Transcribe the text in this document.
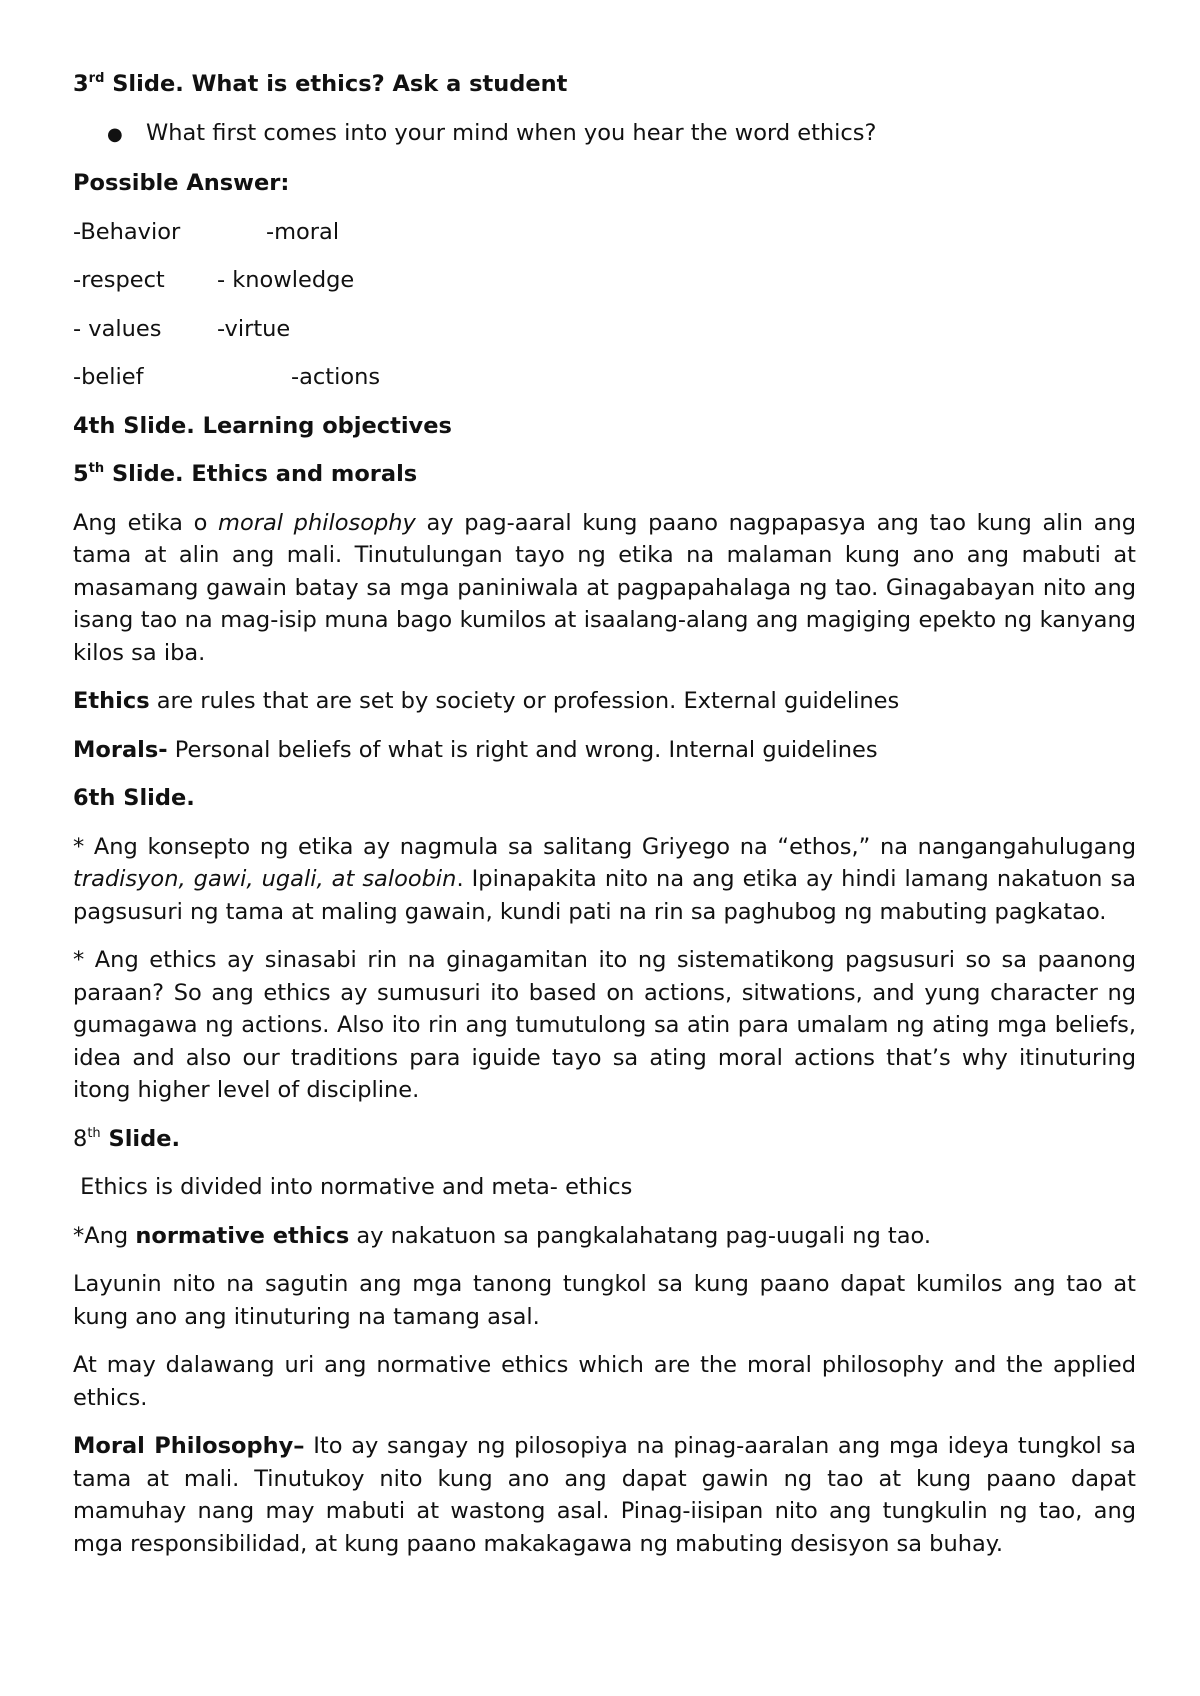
3rd Slide. What is ethics? Ask a student

●	What first comes into your mind when you hear the word ethics?

Possible Answer:

-Behavior	-moral
-respect	- knowledge
- values	-virtue
-belief	-actions

4th Slide. Learning objectives

5th Slide. Ethics and morals

Ang etika o moral philosophy ay pag-aaral kung paano nagpapasya ang tao kung alin ang tama at alin ang mali. Tinutulungan tayo ng etika na malaman kung ano ang mabuti at masamang gawain batay sa mga paniniwala at pagpapahalaga ng tao. Ginagabayan nito ang isang tao na mag-isip muna bago kumilos at isaalang-alang ang magiging epekto ng kanyang kilos sa iba.

Ethics are rules that are set by society or profession. External guidelines

Morals- Personal beliefs of what is right and wrong. Internal guidelines

6th Slide.

* Ang konsepto ng etika ay nagmula sa salitang Griyego na “ethos,” na nangangahulugang tradisyon, gawi, ugali, at saloobin. Ipinapakita nito na ang etika ay hindi lamang nakatuon sa pagsusuri ng tama at maling gawain, kundi pati na rin sa paghubog ng mabuting pagkatao.

* Ang ethics ay sinasabi rin na ginagamitan ito ng sistematikong pagsusuri so sa paanong paraan? So ang ethics ay sumusuri ito based on actions, sitwations, and yung character ng gumagawa ng actions. Also ito rin ang tumutulong sa atin para umalam ng ating mga beliefs, idea and also our traditions para iguide tayo sa ating moral actions that’s why itinuturing itong higher level of discipline.

8th Slide.

Ethics is divided into normative and meta- ethics

*Ang normative ethics ay nakatuon sa pangkalahatang pag-uugali ng tao.

Layunin nito na sagutin ang mga tanong tungkol sa kung paano dapat kumilos ang tao at kung ano ang itinuturing na tamang asal.

At may dalawang uri ang normative ethics which are the moral philosophy and the applied ethics.

Moral Philosophy– Ito ay sangay ng pilosopiya na pinag-aaralan ang mga ideya tungkol sa tama at mali. Tinutukoy nito kung ano ang dapat gawin ng tao at kung paano dapat mamuhay nang may mabuti at wastong asal. Pinag-iisipan nito ang tungkulin ng tao, ang mga responsibilidad, at kung paano makakagawa ng mabuting desisyon sa buhay.
